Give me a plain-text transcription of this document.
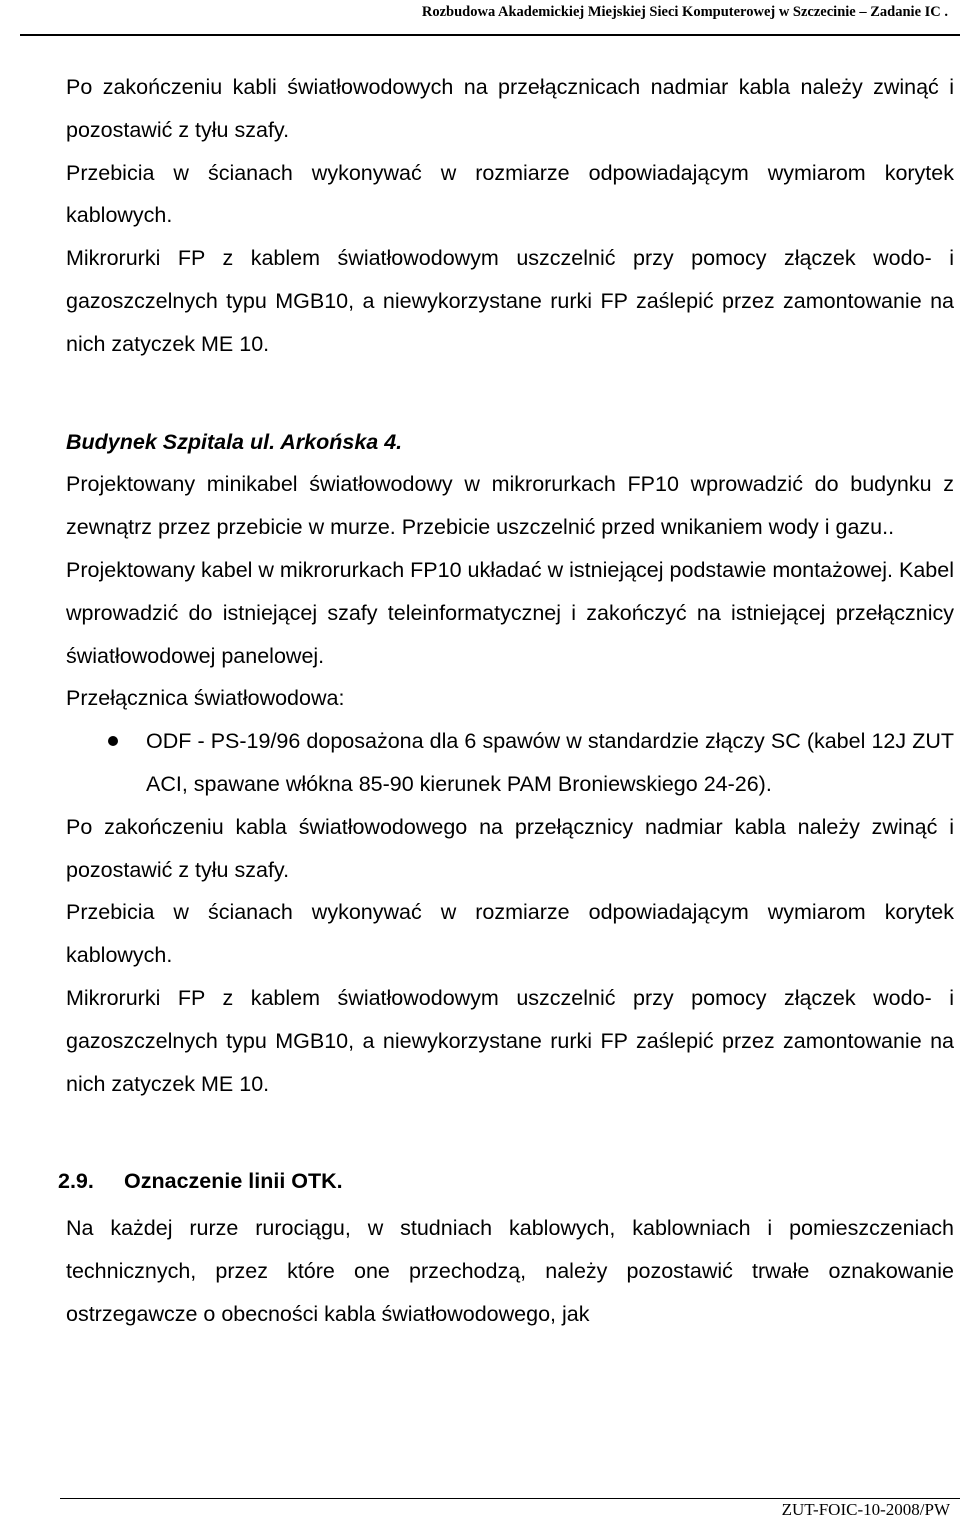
Rozbudowa Akademickiej Miejskiej Sieci Komputerowej w Szczecinie – Zadanie IC .

Po zakończeniu kabli światłowodowych na przełącznicach nadmiar kabla należy zwinąć i pozostawić z tyłu szafy.

Przebicia w ścianach wykonywać w rozmiarze odpowiadającym wymiarom korytek kablowych.

Mikrorurki FP z kablem światłowodowym uszczelnić przy pomocy złączek wodo- i gazoszczelnych typu MGB10, a niewykorzystane rurki FP zaślepić przez zamontowanie na nich zatyczek ME 10.

Budynek Szpitala ul. Arkońska 4.

Projektowany minikabel światłowodowy w mikrorurkach FP10 wprowadzić do budynku z zewnątrz przez przebicie w murze. Przebicie uszczelnić przed wnikaniem wody i gazu..

Projektowany kabel w mikrorurkach FP10 układać w istniejącej podstawie montażowej. Kabel wprowadzić do istniejącej szafy teleinformatycznej i zakończyć na istniejącej przełącznicy światłowodowej panelowej.

Przełącznica światłowodowa:

ODF - PS-19/96 doposażona dla 6 spawów w standardzie złączy SC (kabel 12J ZUT ACI, spawane włókna 85-90 kierunek PAM Broniewskiego 24-26).

Po zakończeniu kabla światłowodowego na przełącznicy nadmiar kabla należy zwinąć i pozostawić z tyłu szafy.

Przebicia w ścianach wykonywać w rozmiarze odpowiadającym wymiarom korytek kablowych.

Mikrorurki FP z kablem światłowodowym uszczelnić przy pomocy złączek wodo- i gazoszczelnych typu MGB10, a niewykorzystane rurki FP zaślepić przez zamontowanie na nich zatyczek ME 10.

2.9.	Oznaczenie linii OTK.

Na każdej rurze rurociągu, w studniach kablowych, kablowniach i pomieszczeniach technicznych, przez które one przechodzą, należy pozostawić trwałe oznakowanie ostrzegawcze o obecności kabla światłowodowego, jak

ZUT-FOIC-10-2008/PW
